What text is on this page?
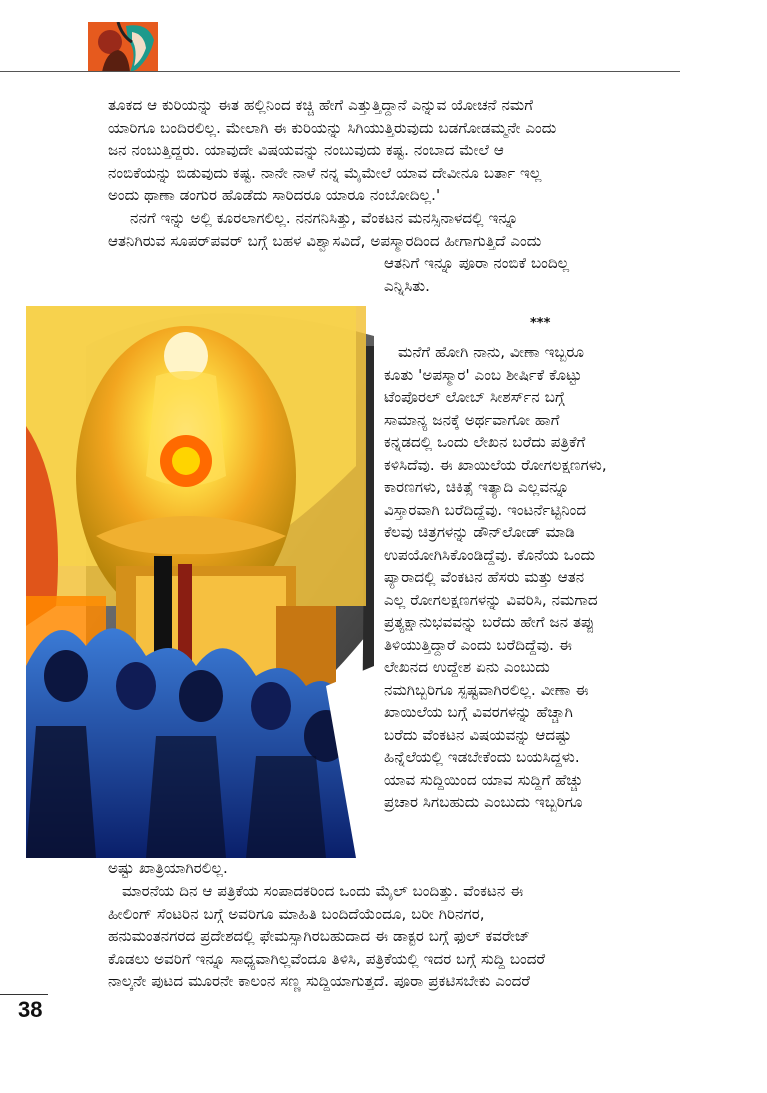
ತೂಕದ ಆ ಕುರಿಯನ್ನು ಈತ ಹಲ್ಲಿನಿಂದ ಕಚ್ಚಿ ಹೇಗೆ ಎತ್ತುತ್ತಿದ್ದಾನೆ ಎನ್ನುವ ಯೋಚನೆ ನಮಗೆ
ಯಾರಿಗೂ ಬಂದಿರಲಿಲ್ಲ. ಮೇಲಾಗಿ ಈ ಕುರಿಯನ್ನು ಸಿಗಿಯುತ್ತಿರುವುದು ಬಡಗೋಡಮ್ಮನೇ ಎಂದು
ಜನ ನಂಬುತ್ತಿದ್ದರು. ಯಾವುದೇ ವಿಷಯವನ್ನು ನಂಬುವುದು ಕಷ್ಟ. ನಂಬಾದ ಮೇಲೆ ಆ
ನಂಬಿಕೆಯನ್ನು ಬಿಡುವುದು ಕಷ್ಟ. ನಾನೇ ನಾಳೆ ನನ್ನ ಮೈಮೇಲೆ ಯಾವ ದೇವೀನೂ ಬರ್ತಾ ಇಲ್ಲ
ಅಂದು ಥಾಣಾ ಡಂಗುರ ಹೊಡೆದು ಸಾರಿದರೂ ಯಾರೂ ನಂಬೋದಿಲ್ಲ.'
ನನಗೆ ಇನ್ನು ಅಲ್ಲಿ ಕೂರಲಾಗಲಿಲ್ಲ. ನನಗನಿಸಿತ್ತು, ವೆಂಕಟನ ಮನಸ್ಸಿನಾಳದಲ್ಲಿ ಇನ್ನೂ
ಆತನಿಗಿರುವ ಸೂಪರ್‌ಪವರ್ ಬಗ್ಗೆ ಬಹಳ ವಿಶ್ವಾಸವಿದೆ, ಅಪಸ್ಮಾರದಿಂದ ಹೀಗಾಗುತ್ತಿದೆ ಎಂದು
ಆತನಿಗೆ ಇನ್ನೂ ಪೂರಾ ನಂಬಿಕೆ ಬಂದಿಲ್ಲ
ಎನ್ನಿಸಿತು.
***
ಮನೆಗೆ ಹೋಗಿ ನಾನು, ವೀಣಾ ಇಬ್ಬರೂ
ಕೂತು 'ಅಪಸ್ಮಾರ' ಎಂಬ ಶೀರ್ಷಿಕೆ ಕೊಟ್ಟು
ಟೆಂಪೊರಲ್ ಲೋಬ್ ಸೀಶರ್ಸ್‌ನ ಬಗ್ಗೆ
ಸಾಮಾನ್ಯ ಜನಕ್ಕೆ ಅರ್ಥವಾಗೋ ಹಾಗೆ
ಕನ್ನಡದಲ್ಲಿ ಒಂದು ಲೇಖನ ಬರೆದು ಪತ್ರಿಕೆಗೆ
ಕಳಿಸಿದೆವು. ಈ ಖಾಯಿಲೆಯ ರೋಗಲಕ್ಷಣಗಳು,
ಕಾರಣಗಳು, ಚಿಕಿತ್ಸೆ ಇತ್ಯಾದಿ ಎಲ್ಲವನ್ನೂ
ವಿಸ್ತಾರವಾಗಿ ಬರೆದಿದ್ದೆವು. ಇಂಟರ್ನೆಟ್ಟಿನಿಂದ
ಕೆಲವು ಚಿತ್ರಗಳನ್ನು ಡೌನ್‌ಲೋಡ್ ಮಾಡಿ
ಉಪಯೋಗಿಸಿಕೊಂಡಿದ್ದೆವು. ಕೊನೆಯ ಒಂದು
ಪ್ಯಾರಾದಲ್ಲಿ ವೆಂಕಟನ ಹೆಸರು ಮತ್ತು ಆತನ
ಎಲ್ಲ ರೋಗಲಕ್ಷಣಗಳನ್ನು ವಿವರಿಸಿ, ನಮಗಾದ
ಪ್ರತ್ಯಕ್ಷಾನುಭವವನ್ನು ಬರೆದು ಹೇಗೆ ಜನ ತಪ್ಪು
ತಿಳಿಯುತ್ತಿದ್ದಾರೆ ಎಂದು ಬರೆದಿದ್ದೆವು. ಈ
ಲೇಖನದ ಉದ್ದೇಶ ಏನು ಎಂಬುದು
ನಮಗಿಬ್ಬರಿಗೂ ಸ್ಪಷ್ಟವಾಗಿರಲಿಲ್ಲ. ವೀಣಾ ಈ
ಖಾಯಿಲೆಯ ಬಗ್ಗೆ ವಿವರಗಳನ್ನು ಹೆಚ್ಚಾಗಿ
ಬರೆದು ವೆಂಕಟನ ವಿಷಯವನ್ನು ಆದಷ್ಟು
ಹಿನ್ನೆಲೆಯಲ್ಲಿ ಇಡಬೇಕೆಂದು ಬಯಸಿದ್ದಳು.
ಯಾವ ಸುದ್ದಿಯಿಂದ ಯಾವ ಸುದ್ದಿಗೆ ಹೆಚ್ಚು
ಪ್ರಚಾರ ಸಿಗಬಹುದು ಎಂಬುದು ಇಬ್ಬರಿಗೂ
ಅಷ್ಟು ಖಾತ್ರಿಯಾಗಿರಲಿಲ್ಲ.
ಮಾರನೆಯ ದಿನ ಆ ಪತ್ರಿಕೆಯ ಸಂಪಾದಕರಿಂದ ಒಂದು ಮೈಲ್ ಬಂದಿತ್ತು. ವೆಂಕಟನ ಈ
ಹೀಲಿಂಗ್ ಸೆಂಟರಿನ ಬಗ್ಗೆ ಅವರಿಗೂ ಮಾಹಿತಿ ಬಂದಿದೆಯೆಂದೂ, ಬರೀ ಗಿರಿನಗರ,
ಹನುಮಂತನಗರದ ಪ್ರದೇಶದಲ್ಲಿ ಫೇಮಸ್ಸಾಗಿರಬಹುದಾದ ಈ ಡಾಕ್ಟರ ಬಗ್ಗೆ ಫುಲ್ ಕವರೇಜ್
ಕೊಡಲು ಅವರಿಗೆ ಇನ್ನೂ ಸಾಧ್ಯವಾಗಿಲ್ಲವೆಂದೂ ತಿಳಿಸಿ, ಪತ್ರಿಕೆಯಲ್ಲಿ ಇದರ ಬಗ್ಗೆ ಸುದ್ದಿ ಬಂದರೆ
ನಾಲ್ಕನೇ ಪುಟದ ಮೂರನೇ ಕಾಲಂನ ಸಣ್ಣ ಸುದ್ದಿಯಾಗುತ್ತದೆ. ಪೂರಾ ಪ್ರಕಟಿಸಬೇಕು ಎಂದರೆ
38
